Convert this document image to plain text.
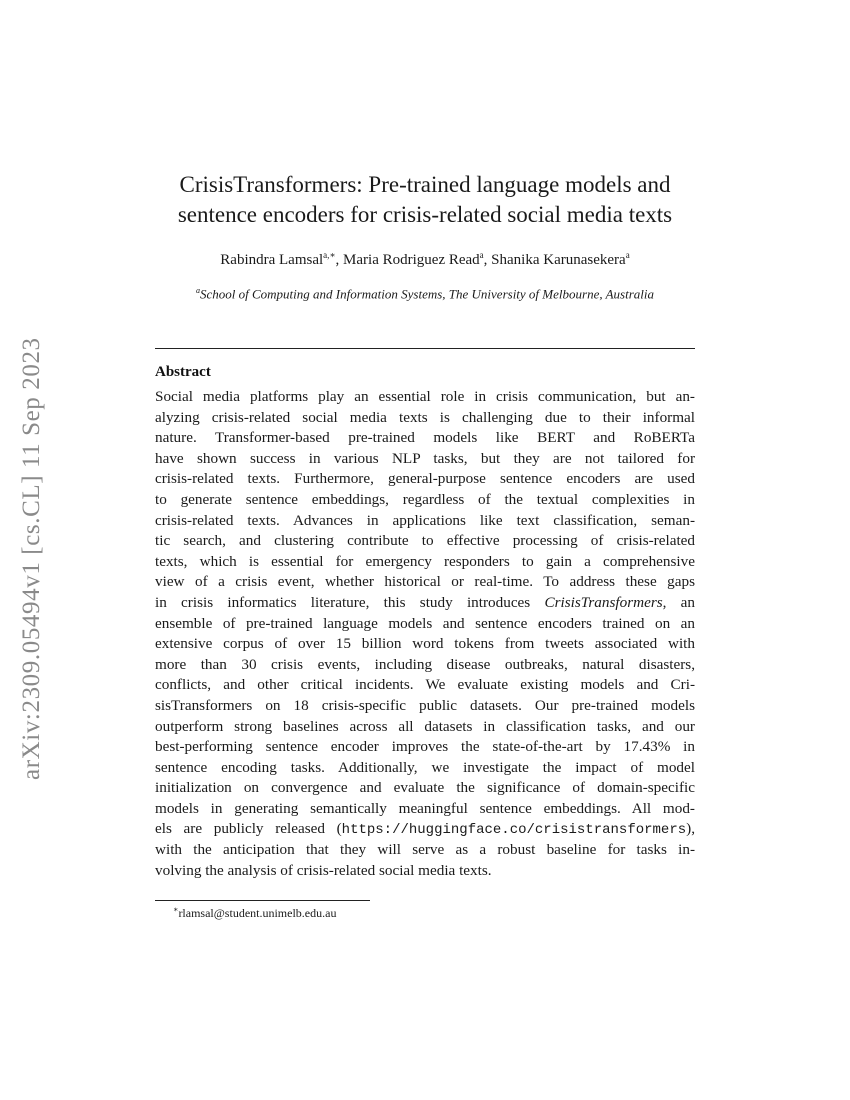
arXiv:2309.05494v1 [cs.CL] 11 Sep 2023
CrisisTransformers: Pre-trained language models and
sentence encoders for crisis-related social media texts
Rabindra Lamsal$^{a,∗}$, Maria Rodriguez Read$^a$, Shanika Karunasekera$^a$
$^a$School of Computing and Information Systems, The University of Melbourne, Australia
Abstract
Social media platforms play an essential role in crisis communication, but an-
alyzing crisis-related social media texts is challenging due to their informal
nature. Transformer-based pre-trained models like BERT and RoBERTa
have shown success in various NLP tasks, but they are not tailored for
crisis-related texts. Furthermore, general-purpose sentence encoders are used
to generate sentence embeddings, regardless of the textual complexities in
crisis-related texts. Advances in applications like text classification, seman-
tic search, and clustering contribute to effective processing of crisis-related
texts, which is essential for emergency responders to gain a comprehensive
view of a crisis event, whether historical or real-time. To address these gaps
in crisis informatics literature, this study introduces CrisisTransformers, an
ensemble of pre-trained language models and sentence encoders trained on an
extensive corpus of over 15 billion word tokens from tweets associated with
more than 30 crisis events, including disease outbreaks, natural disasters,
conflicts, and other critical incidents. We evaluate existing models and Cri-
sisTransformers on 18 crisis-specific public datasets. Our pre-trained models
outperform strong baselines across all datasets in classification tasks, and our
best-performing sentence encoder improves the state-of-the-art by 17.43% in
sentence encoding tasks. Additionally, we investigate the impact of model
initialization on convergence and evaluate the significance of domain-specific
models in generating semantically meaningful sentence embeddings. All mod-
els are publicly released (https://huggingface.co/crisistransformers),
with the anticipation that they will serve as a robust baseline for tasks in-
volving the analysis of crisis-related social media texts.
∗rlamsal@student.unimelb.edu.au
